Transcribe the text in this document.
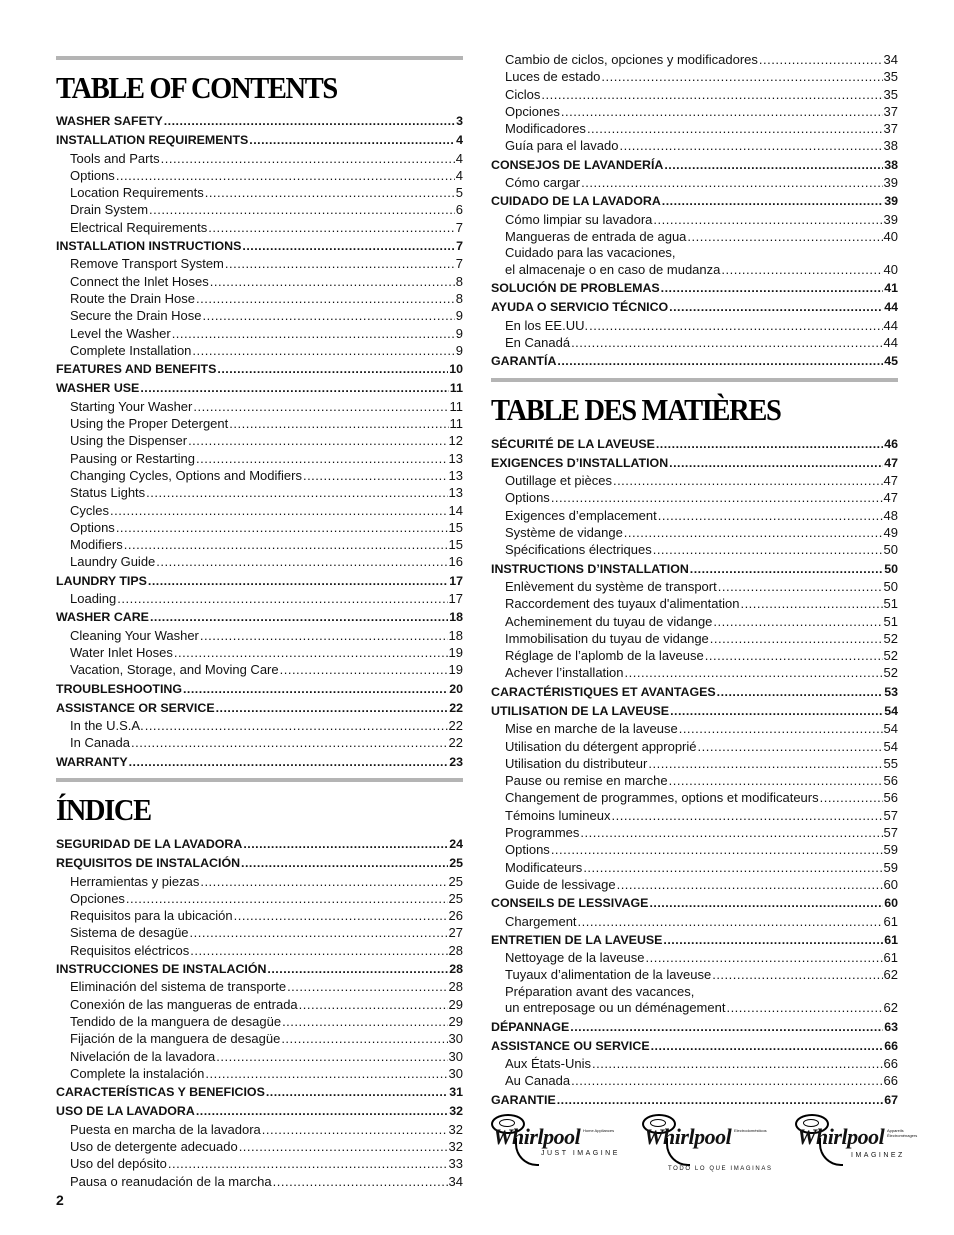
TABLE OF CONTENTS
WASHER SAFETY .....	3
INSTALLATION REQUIREMENTS .....	4
Tools and Parts .....	4
Options .....	4
Location Requirements .....	5
Drain System .....	6
Electrical Requirements .....	7
INSTALLATION INSTRUCTIONS .....	7
Remove Transport System .....	7
Connect the Inlet Hoses .....	8
Route the Drain Hose .....	8
Secure the Drain Hose .....	9
Level the Washer .....	9
Complete Installation .....	9
FEATURES AND BENEFITS .....	10
WASHER USE .....	11
Starting Your Washer .....	11
Using the Proper Detergent .....	11
Using the Dispenser .....	12
Pausing or Restarting .....	13
Changing Cycles, Options and Modifiers .....	13
Status Lights .....	13
Cycles .....	14
Options .....	15
Modifiers .....	15
Laundry Guide .....	16
LAUNDRY TIPS .....	17
Loading .....	17
WASHER CARE .....	18
Cleaning Your Washer .....	18
Water Inlet Hoses .....	19
Vacation, Storage, and Moving Care .....	19
TROUBLESHOOTING .....	20
ASSISTANCE OR SERVICE .....	22
In the U.S.A. .....	22
In Canada .....	22
WARRANTY .....	23
ÍNDICE
SEGURIDAD DE LA LAVADORA .....	24
REQUISITOS DE INSTALACIÓN .....	25
Herramientas y piezas .....	25
Opciones .....	25
Requisitos para la ubicación .....	26
Sistema de desagüe .....	27
Requisitos eléctricos .....	28
INSTRUCCIONES DE INSTALACIÓN .....	28
Eliminación del sistema de transporte .....	28
Conexión de las mangueras de entrada .....	29
Tendido de la manguera de desagüe .....	29
Fijación de la manguera de desagüe .....	30
Nivelación de la lavadora .....	30
Complete la instalación .....	30
CARACTERÍSTICAS Y BENEFICIOS .....	31
USO DE LA LAVADORA .....	32
Puesta en marcha de la lavadora .....	32
Uso de detergente adecuado .....	32
Uso del depósito .....	33
Pausa o reanudación de la marcha .....	34
Cambio de ciclos, opciones y modificadores .....	34
Luces de estado .....	35
Ciclos .....	35
Opciones .....	37
Modificadores .....	37
Guía para el lavado .....	38
CONSEJOS DE LAVANDERÍA .....	38
Cómo cargar .....	39
CUIDADO DE LA LAVADORA .....	39
Cómo limpiar su lavadora .....	39
Mangueras de entrada de agua .....	40
Cuidado para las vacaciones,
el almacenaje o en caso de mudanza .....	40
SOLUCIÓN DE PROBLEMAS .....	41
AYUDA O SERVICIO TÉCNICO .....	44
En los EE.UU. .....	44
En Canadá .....	44
GARANTÍA .....	45
TABLE DES MATIÈRES
SÉCURITÉ DE LA LAVEUSE .....	46
EXIGENCES D’INSTALLATION .....	47
Outillage et pièces .....	47
Options .....	47
Exigences d’emplacement .....	48
Système de vidange .....	49
Spécifications électriques .....	50
INSTRUCTIONS D’INSTALLATION .....	50
Enlèvement du système de transport .....	50
Raccordement des tuyaux d'alimentation .....	51
Acheminement du tuyau de vidange .....	51
Immobilisation du tuyau de vidange .....	52
Réglage de l’aplomb de la laveuse .....	52
Achever l’installation .....	52
CARACTÉRISTIQUES ET AVANTAGES .....	53
UTILISATION DE LA LAVEUSE .....	54
Mise en marche de la laveuse .....	54
Utilisation du détergent approprié .....	54
Utilisation du distributeur .....	55
Pause ou remise en marche .....	56
Changement de programmes, options et modificateurs .....	56
Témoins lumineux .....	57
Programmes .....	57
Options .....	59
Modificateurs .....	59
Guide de lessivage .....	60
CONSEILS DE LESSIVAGE .....	60
Chargement .....	61
ENTRETIEN DE LA LAVEUSE .....	61
Nettoyage de la laveuse .....	61
Tuyaux d’alimentation de la laveuse .....	62
Préparation avant des vacances,
un entreposage ou un déménagement .....	62
DÉPANNAGE .....	63
ASSISTANCE OU SERVICE .....	66
Aux États-Unis .....	66
Au Canada .....	66
GARANTIE .....	67
Whirlpool Home Appliances
JUST IMAGINE
Whirlpool Electrodomésticos
TODO LO QUE IMAGINAS
Whirlpool Appareils Électroménagers
IMAGINEZ
2
